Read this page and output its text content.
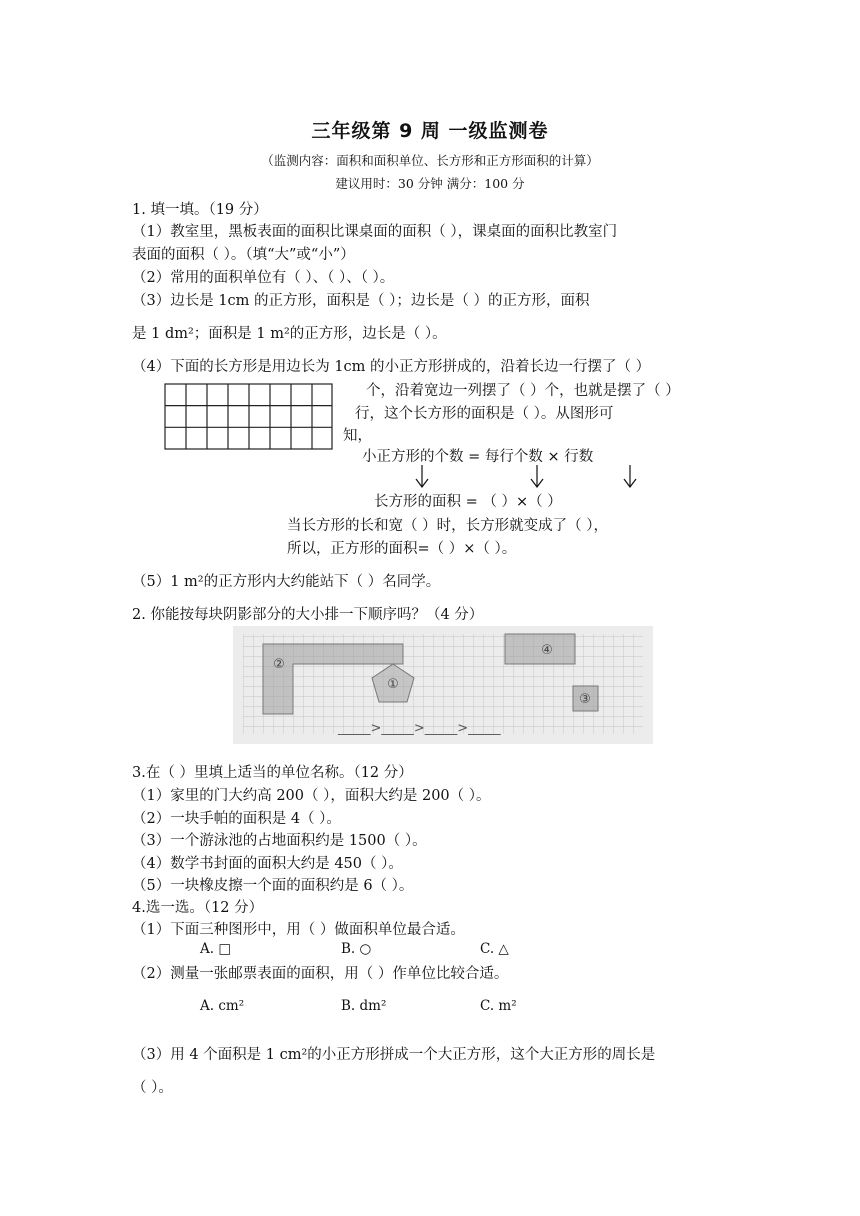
三年级第 9 周 一级监测卷
（监测内容：面积和面积单位、长方形和正方形面积的计算）
建议用时：30 分钟 满分：100 分
1. 填一填。（19 分）
（1）教室里，黑板表面的面积比课桌面的面积（ ），课桌面的面积比教室门
表面的面积（ ）。（填“大”或“小”）
（2）常用的面积单位有（ ）、（ ）、（ ）。
（3）边长是 1cm 的正方形，面积是（ ）；边长是（ ）的正方形，面积
是 1 dm²；面积是 1 m²的正方形，边长是（ ）。
（4）下面的长方形是用边长为 1cm 的小正方形拼成的，沿着长边一行摆了（ ）
个，沿着宽边一列摆了（ ）个，也就是摆了（ ）
行，这个长方形的面积是（ ）。从图形可
知，
小正方形的个数 = 每行个数 × 行数
长方形的面积 = （ ）×（ ）
当长方形的长和宽（ ）时，长方形就变成了（ ），
所以，正方形的面积=（ ）×（ ）。
（5）1 m²的正方形内大约能站下（ ）名同学。
2. 你能按每块阴影部分的大小排一下顺序吗？（4 分）
②
①
④
③
_____>_____>_____>_____
3.在（ ）里填上适当的单位名称。（12 分）
（1）家里的门大约高 200（ ），面积大约是 200（ ）。
（2）一块手帕的面积是 4（ ）。
（3）一个游泳池的占地面积约是 1500（ ）。
（4）数学书封面的面积大约是 450（ ）。
（5）一块橡皮擦一个面的面积约是 6（ ）。
4.选一选。（12 分）
（1）下面三种图形中，用（ ）做面积单位最合适。
A. □	B. ○	C. △
（2）测量一张邮票表面的面积，用（ ）作单位比较合适。
A. cm²	B. dm²	C. m²
（3）用 4 个面积是 1 cm²的小正方形拼成一个大正方形，这个大正方形的周长是
（ ）。
